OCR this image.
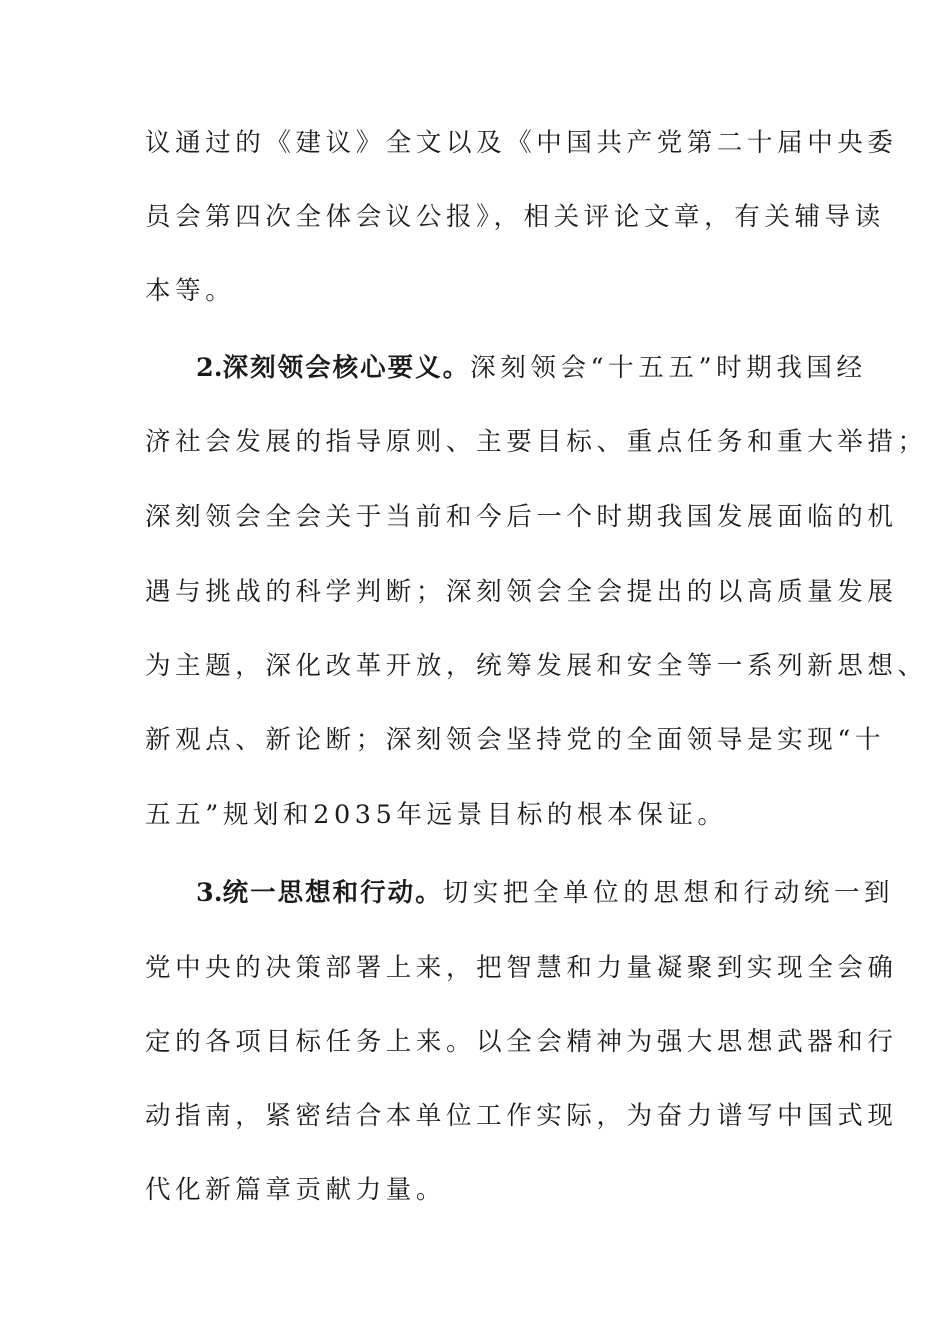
议通过的《建议》全文以及《中国共产党第二十届中央委
员会第四次全体会议公报》，相关评论文章，有关辅导读
本等。
2.深刻领会核心要义。深刻领会“十五五”时期我国经
济社会发展的指导原则、主要目标、重点任务和重大举措；
深刻领会全会关于当前和今后一个时期我国发展面临的机
遇与挑战的科学判断；深刻领会全会提出的以高质量发展
为主题，深化改革开放，统筹发展和安全等一系列新思想、
新观点、新论断；深刻领会坚持党的全面领导是实现“十
五五”规划和2035年远景目标的根本保证。
3.统一思想和行动。切实把全单位的思想和行动统一到
党中央的决策部署上来，把智慧和力量凝聚到实现全会确
定的各项目标任务上来。以全会精神为强大思想武器和行
动指南，紧密结合本单位工作实际，为奋力谱写中国式现
代化新篇章贡献力量。
